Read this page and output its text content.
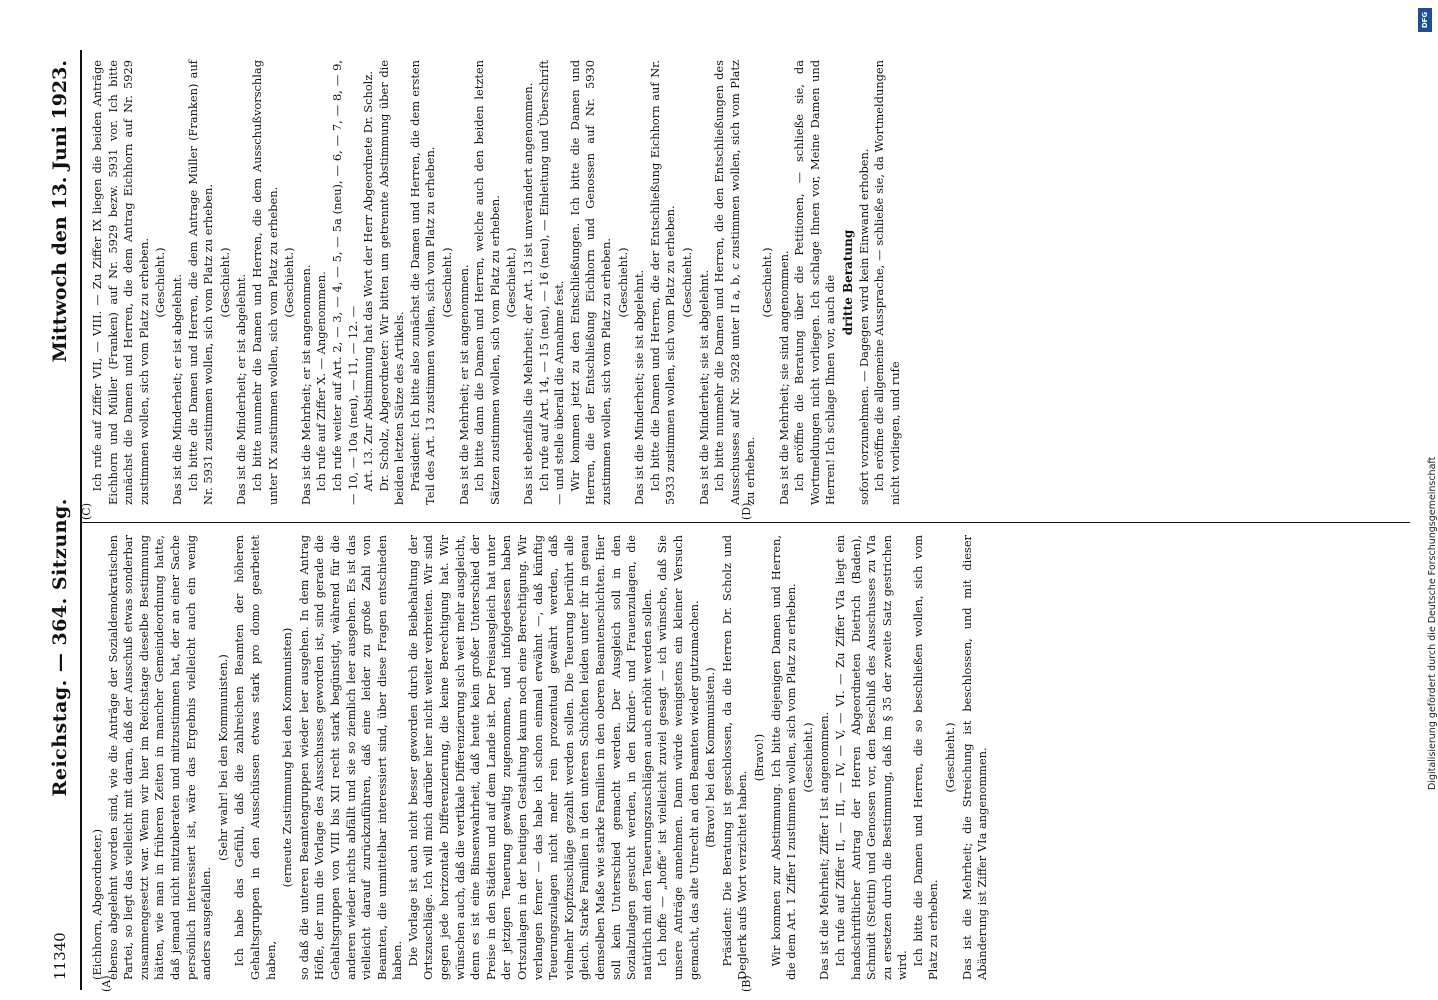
11340
Reichstag. — 364. Sitzung.
Mittwoch den 13. Juni 1923.
(A)	(B)
(C)	(D)

(Eichhorn, Abgeordneter.) ebenso abgelehnt worden sind, wie die Anträge der Sozialdemokratischen Partei, so liegt das vielleicht mit daran, daß der Ausschuß etwas sonderbar zusammengesetzt war. Wenn wir hier im Reichstage dieselbe Bestimmung hätten, wie man in früheren Zeiten in mancher Gemeindeordnung hatte, daß jemand nicht mitzuberaten und mitzustimmen hat, der an einer Sache persönlich interessiert ist, wäre das Ergebnis vielleicht auch ein wenig anders ausgefallen.

(Sehr wahr! bei den Kommunisten.) Ich habe das Gefühl, daß die zahlreichen Beamten der höheren Gehaltsgruppen in den Ausschüssen etwas stark pro domo gearbeitet haben,

(erneute Zustimmung bei den Kommunisten) so daß die unteren Beamtengruppen wieder leer ausgehen. In dem Antrag Höfle, der nun die Vorlage des Ausschusses geworden ist, sind gerade die Gehaltsgruppen von VIII bis XII recht stark begünstigt, während für die anderen wieder nichts abfällt und sie so ziemlich leer ausgehen. Es ist das vielleicht darauf zurückzuführen, daß eine leider zu große Zahl von Beamten, die unmittelbar interessiert sind, über diese Fragen entschieden haben. Die Vorlage ist auch nicht besser geworden durch die Beibehaltung der Ortszuschläge. Ich will mich darüber hier nicht weiter verbreiten. Wir sind gegen jede horizontale Differenzierung, die keine Berechtigung hat. Wir wünschen auch, daß die vertikale Differenzierung sich weit mehr ausgleicht, denn es ist eine Binsenwahrheit, daß heute kein großer Unterschied der Preise in den Städten und auf dem Lande ist. Der Preisausgleich hat unter der jetzigen Teuerung gewaltig zugenommen, und infolgedessen haben Ortszulagen in der heutigen Gestaltung kaum noch eine Berechtigung. Wir verlangen ferner — das habe ich schon einmal erwähnt —, daß künftig Teuerungszulagen nicht mehr rein prozentual gewährt werden, daß vielmehr Kopfzuschläge gezahlt werden sollen. Die Teuerung berührt alle gleich. Starke Familien in den unteren Schichten leiden unter ihr in genau demselben Maße wie starke Familien in den oberen Beamtenschichten. Hier soll kein Unterschied gemacht werden. Der Ausgleich soll in den Sozialzulagen gesucht werden, in den Kinder- und Frauenzulagen, die natürlich mit den Teuerungszuschlägen auch erhöht werden sollen. Ich hoffe — „hoffe“ ist vielleicht zuviel gesagt — ich wünsche, daß Sie unsere Anträge annehmen. Dann würde wenigstens ein kleiner Versuch gemacht, das alte Unrecht an den Beamten wieder gutzumachen. (Bravo! bei den Kommunisten.) Präsident: Die Beratung ist geschlossen, da die Herren Dr. Scholz und Deglerk aufs Wort verzichtet haben.

(Bravo!) Wir kommen zur Abstimmung. Ich bitte diejenigen Damen und Herren, die dem Art. 1 Ziffer I zustimmen wollen, sich vom Platz zu erheben. (Geschieht.) Das ist die Mehrheit; Ziffer I ist angenommen. Ich rufe auf Ziffer II, — III, — IV, — V, — VI. — Zu Ziffer VIa liegt ein handschriftlicher Antrag der Herren Abgeordneten Dietrich (Baden), Schmidt (Stettin) und Genossen vor, den Beschluß des Ausschusses zu VIa zu ersetzen durch die Bestimmung, daß im § 35 der zweite Satz gestrichen wird. Ich bitte die Damen und Herren, die so beschließen wollen, sich vom Platz zu erheben.

(Geschieht.) Das ist die Mehrheit; die Streichung ist beschlossen, und mit dieser Abänderung ist Ziffer VIa angenommen.

Ich rufe auf Ziffer VII, — VIII. — Zu Ziffer IX liegen die beiden Anträge Eichhorn und Müller (Franken) auf Nr. 5929 bezw. 5931 vor. Ich bitte zunächst die Damen und Herren, die dem Antrag Eichhorn auf Nr. 5929 zustimmen wollen, sich vom Platz zu erheben. (Geschieht.) Das ist die Minderheit; er ist abgelehnt. Ich bitte die Damen und Herren, die dem Antrage Müller (Franken) auf Nr. 5931 zustimmen wollen, sich vom Platz zu erheben. (Geschieht.) Das ist die Minderheit; er ist abgelehnt. Ich bitte nunmehr die Damen und Herren, die dem Ausschußvorschlag unter IX zustimmen wollen, sich vom Platz zu erheben. (Geschieht.) Das ist die Mehrheit; er ist angenommen. Ich rufe auf Ziffer X. — Angenommen. Ich rufe weiter auf Art. 2, — 3, — 4, — 5, — 5a (neu), — 6, — 7, — 8, — 9, — 10, — 10a (neu), — 11, — 12. — Art. 13. Zur Abstimmung hat das Wort der Herr Abgeordnete Dr. Scholz. Dr. Scholz, Abgeordneter: Wir bitten um getrennte Abstimmung über die beiden letzten Sätze des Artikels. Präsident: Ich bitte also zunächst die Damen und Herren, die dem ersten Teil des Art. 13 zustimmen wollen, sich vom Platz zu erheben. (Geschieht.) Das ist die Mehrheit; er ist angenommen. Ich bitte dann die Damen und Herren, welche auch den beiden letzten Sätzen zustimmen wollen, sich vom Platz zu erheben. (Geschieht.) Das ist ebenfalls die Mehrheit; der Art. 13 ist unverändert angenommen. Ich rufe auf Art. 14, — 15 (neu), — 16 (neu), — Einleitung und Überschrift — und stelle überall die Annahme fest. Wir kommen jetzt zu den Entschließungen. Ich bitte die Damen und Herren, die der Entschließung Eichhorn und Genossen auf Nr. 5930 zustimmen wollen, sich vom Platz zu erheben. (Geschieht.) Das ist die Minderheit; sie ist abgelehnt. Ich bitte die Damen und Herren, die der Entschließung Eichhorn auf Nr. 5933 zustimmen wollen, sich vom Platz zu erheben. (Geschieht.) Das ist die Minderheit; sie ist abgelehnt. Ich bitte nunmehr die Damen und Herren, die den Entschließungen des Ausschusses auf Nr. 5928 unter II a, b, c zustimmen wollen, sich vom Platz zu erheben.

(Geschieht.) Das ist die Mehrheit; sie sind angenommen. Ich eröffne die Beratung über die Petitionen, — schließe sie, da Wortmeldungen nicht vorliegen. Ich schlage Ihnen vor, Meine Damen und Herren! Ich schlage Ihnen vor, auch die dritte Beratung sofort vorzunehmen. — Dagegen wird kein Einwand erhoben. Ich eröffne die allgemeine Aussprache, — schließe sie, da Wortmeldungen nicht vorliegen, und rufe

DFG
Digitalisierung gefördert durch die Deutsche Forschungsgemeinschaft
